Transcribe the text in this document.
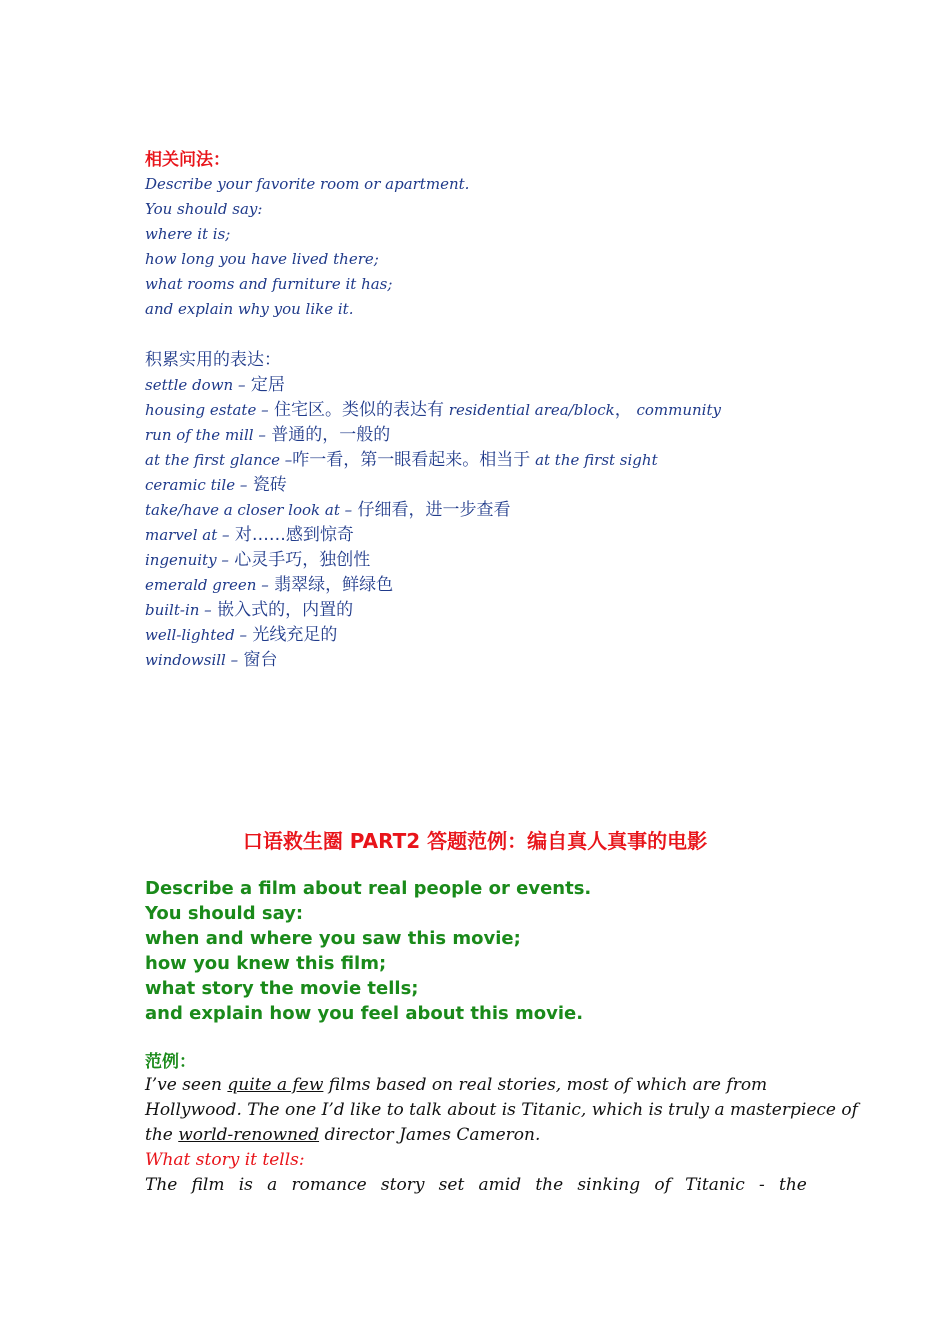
相关问法：
Describe your favorite room or apartment.
You should say:
where it is;
how long you have lived there;
what rooms and furniture it has;
and explain why you like it.
积累实用的表达：
settle down – 定居
housing estate – 住宅区。类似的表达有 residential area/block， community
run of the mill – 普通的，一般的
at the first glance –咋一看，第一眼看起来。相当于 at the first sight
ceramic tile – 瓷砖
take/have a closer look at – 仔细看，进一步查看
marvel at – 对……感到惊奇
ingenuity – 心灵手巧，独创性
emerald green – 翡翠绿，鲜绿色
built-in – 嵌入式的，内置的
well-lighted – 光线充足的
windowsill – 窗台
口语救生圈 PART2 答题范例：编自真人真事的电影
Describe a film about real people or events.
You should say:
when and where you saw this movie;
how you knew this film;
what story the movie tells;
and explain how you feel about this movie.
范例：
I’ve seen quite a few films based on real stories, most of which are from
Hollywood. The one I’d like to talk about is Titanic, which is truly a masterpiece of
the world-renowned director James Cameron.
What story it tells:
The film is a romance story set amid the sinking of Titanic - the
